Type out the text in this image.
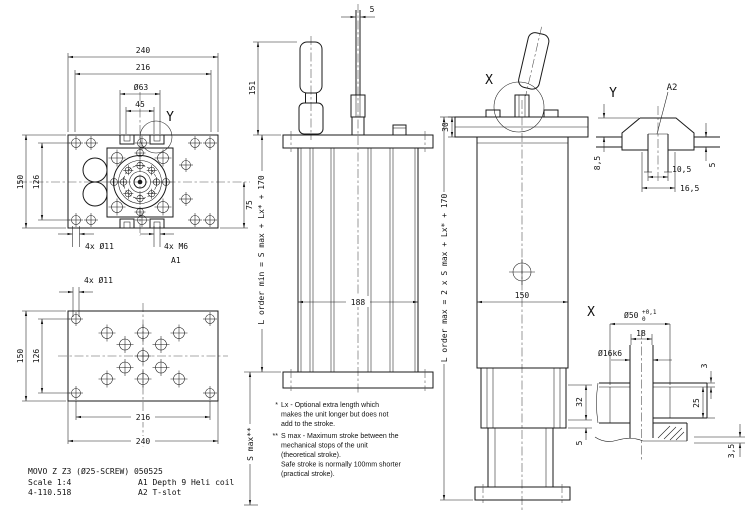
240
216
Ø63
45
Y
150 126
75
4x Ø11	4x M6
A1
4x Ø11
150 126
216
240
5
151
188
L order min = S max + Lx* + 170
S max**
L order max = 2 x S max + Lx* + 170
X
30
150
32
5
Y	A2
8,5	5
10,5
16,5
X	Ø50 +0,1
0
18
Ø16k6
3
25
3,5
* Lx - Optional extra length which
makes the unit longer but does not
add to the stroke.
** S max - Maximum stroke between the
mechanical stops of the unit
(theoretical stroke).
Safe stroke is normally 100mm shorter
(practical stroke).
MOVO Z Z3 (Ø25-SCREW) 050525
Scale 1:4
4-110.518
A1 Depth 9 Heli coil
A2 T-slot
